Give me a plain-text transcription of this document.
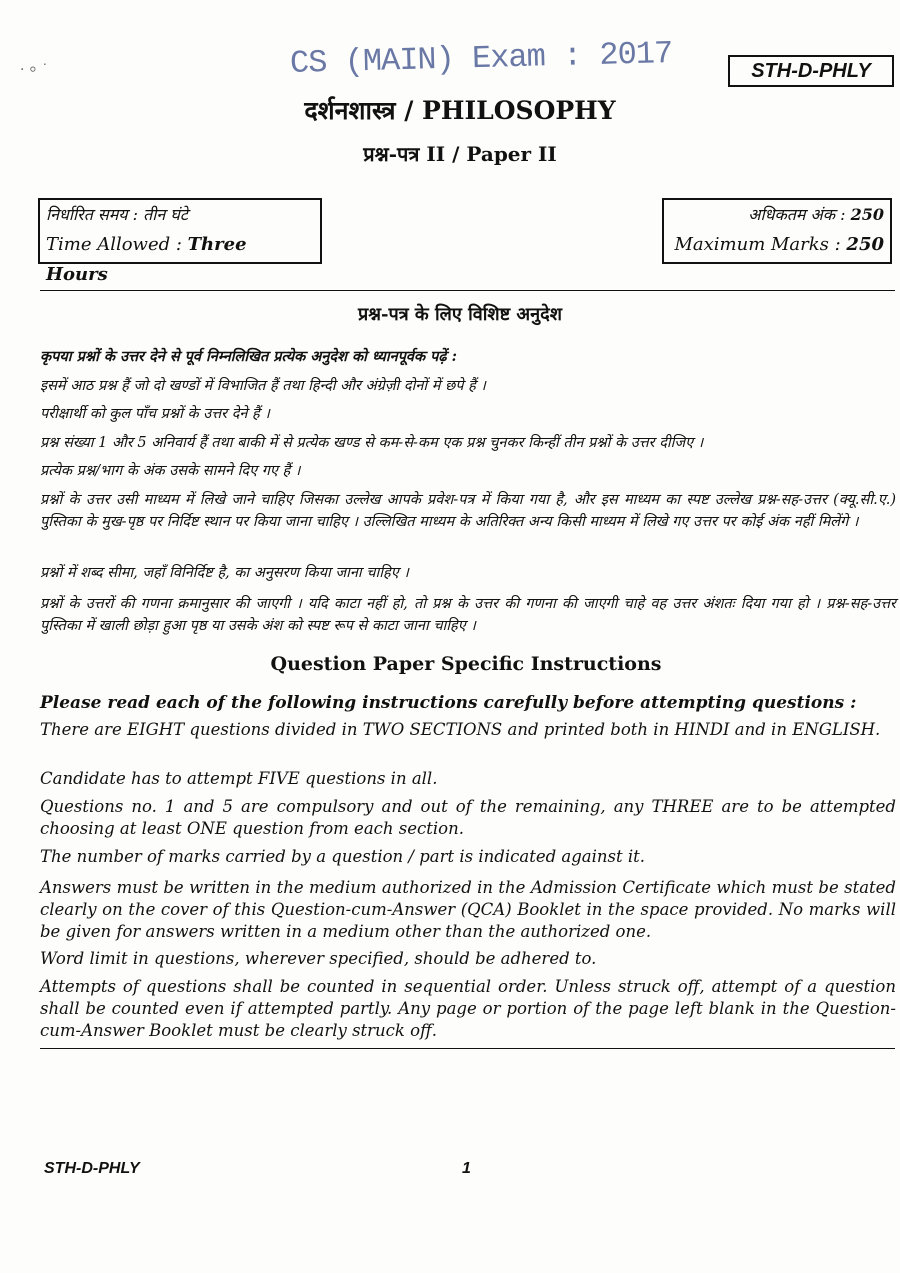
· ⸰ ˙	CS (MAIN) Exam : 2017	STH-D-PHLY
दर्शनशास्त्र / PHILOSOPHY
प्रश्न-पत्र II / Paper II
निर्धारित समय : तीन घंटे
Time Allowed : Three Hours
अधिकतम अंक : 250
Maximum Marks : 250
प्रश्न-पत्र के लिए विशिष्ट अनुदेश

कृपया प्रश्नों के उत्तर देने से पूर्व निम्नलिखित प्रत्येक अनुदेश को ध्यानपूर्वक पढ़ें :

इसमें आठ प्रश्न हैं जो दो खण्डों में विभाजित हैं तथा हिन्दी और अंग्रेज़ी दोनों में छपे हैं ।

परीक्षार्थी को कुल पाँच प्रश्नों के उत्तर देने हैं ।

प्रश्न संख्या 1 और 5 अनिवार्य हैं तथा बाकी में से प्रत्येक खण्ड से कम-से-कम एक प्रश्न चुनकर किन्हीं तीन प्रश्नों के उत्तर दीजिए ।

प्रत्येक प्रश्न/भाग के अंक उसके सामने दिए गए हैं ।

प्रश्नों के उत्तर उसी माध्यम में लिखे जाने चाहिए जिसका उल्लेख आपके प्रवेश-पत्र में किया गया है, और इस माध्यम का स्पष्ट उल्लेख प्रश्न-सह-उत्तर (क्यू.सी.ए.) पुस्तिका के मुख-पृष्ठ पर निर्दिष्ट स्थान पर किया जाना चाहिए । उल्लिखित माध्यम के अतिरिक्त अन्य किसी माध्यम में लिखे गए उत्तर पर कोई अंक नहीं मिलेंगे ।

प्रश्नों में शब्द सीमा, जहाँ विनिर्दिष्ट है, का अनुसरण किया जाना चाहिए ।

प्रश्नों के उत्तरों की गणना क्रमानुसार की जाएगी । यदि काटा नहीं हो, तो प्रश्न के उत्तर की गणना की जाएगी चाहे वह उत्तर अंशतः दिया गया हो । प्रश्न-सह-उत्तर पुस्तिका में खाली छोड़ा हुआ पृष्ठ या उसके अंश को स्पष्ट रूप से काटा जाना चाहिए ।

Question Paper Specific Instructions

Please read each of the following instructions carefully before attempting questions :

There are EIGHT questions divided in TWO SECTIONS and printed both in HINDI and in ENGLISH.

Candidate has to attempt FIVE questions in all.

Questions no. 1 and 5 are compulsory and out of the remaining, any THREE are to be attempted choosing at least ONE question from each section.

The number of marks carried by a question / part is indicated against it.

Answers must be written in the medium authorized in the Admission Certificate which must be stated clearly on the cover of this Question-cum-Answer (QCA) Booklet in the space provided. No marks will be given for answers written in a medium other than the authorized one.

Word limit in questions, wherever specified, should be adhered to.

Attempts of questions shall be counted in sequential order. Unless struck off, attempt of a question shall be counted even if attempted partly. Any page or portion of the page left blank in the Question-cum-Answer Booklet must be clearly struck off.

STH-D-PHLY	1
